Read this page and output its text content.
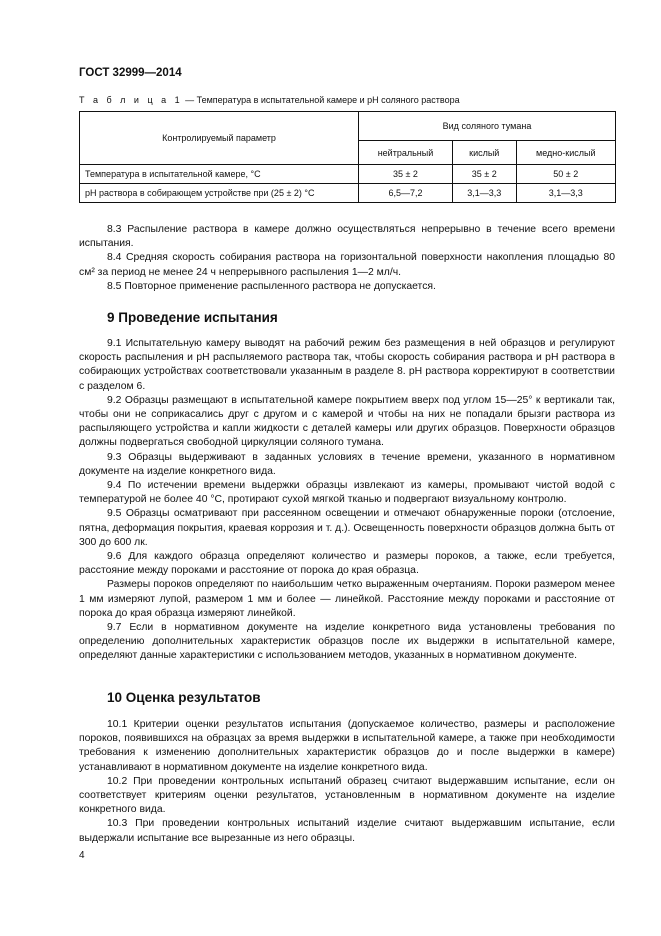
ГОСТ 32999—2014
Т а б л и ц а 1 — Температура в испытательной камере и pH соляного раствора
Контролируемый параметр	Вид соляного тумана		
	нейтральный	кислый	медно-кислый
Температура в испытательной камере, °С	35 ± 2	35 ± 2	50 ± 2
pH раствора в собирающем устройстве при (25 ± 2) °С	6,5—7,2	3,1—3,3	3,1—3,3

8.3 Распыление раствора в камере должно осуществляться непрерывно в течение всего времени испытания.

8.4 Средняя скорость собирания раствора на горизонтальной поверхности накопления площадью 80 см² за период не менее 24 ч непрерывного распыления 1—2 мл/ч.

8.5 Повторное применение распыленного раствора не допускается.

9 Проведение испытания

9.1 Испытательную камеру выводят на рабочий режим без размещения в ней образцов и регулируют скорость распыления и pH распыляемого раствора так, чтобы скорость собирания раствора и pH раствора в собирающих устройствах соответствовали указанным в разделе 8. pH раствора корректируют в соответствии с разделом 6.

9.2 Образцы размещают в испытательной камере покрытием вверх под углом 15—25° к вертикали так, чтобы они не соприкасались друг с другом и с камерой и чтобы на них не попадали брызги раствора из распыляющего устройства и капли жидкости с деталей камеры или других образцов. Поверхности образцов должны подвергаться свободной циркуляции соляного тумана.

9.3 Образцы выдерживают в заданных условиях в течение времени, указанного в нормативном документе на изделие конкретного вида.

9.4 По истечении времени выдержки образцы извлекают из камеры, промывают чистой водой с температурой не более 40 °С, протирают сухой мягкой тканью и подвергают визуальному контролю.

9.5 Образцы осматривают при рассеянном освещении и отмечают обнаруженные пороки (отслоение, пятна, деформация покрытия, краевая коррозия и т. д.). Освещенность поверхности образцов должна быть от 300 до 600 лк.

9.6 Для каждого образца определяют количество и размеры пороков, а также, если требуется, расстояние между пороками и расстояние от порока до края образца.

Размеры пороков определяют по наибольшим четко выраженным очертаниям. Пороки размером менее 1 мм измеряют лупой, размером 1 мм и более — линейкой. Расстояние между пороками и расстояние от порока до края образца измеряют линейкой.

9.7 Если в нормативном документе на изделие конкретного вида установлены требования по определению дополнительных характеристик образцов после их выдержки в испытательной камере, определяют данные характеристики с использованием методов, указанных в нормативном документе.

10 Оценка результатов

10.1 Критерии оценки результатов испытания (допускаемое количество, размеры и расположение пороков, появившихся на образцах за время выдержки в испытательной камере, а также при необходимости требования к изменению дополнительных характеристик образцов до и после выдержки в камере) устанавливают в нормативном документе на изделие конкретного вида.

10.2 При проведении контрольных испытаний образец считают выдержавшим испытание, если он соответствует критериям оценки результатов, установленным в нормативном документе на изделие конкретного вида.

10.3 При проведении контрольных испытаний изделие считают выдержавшим испытание, если выдержали испытание все вырезанные из него образцы.

4
